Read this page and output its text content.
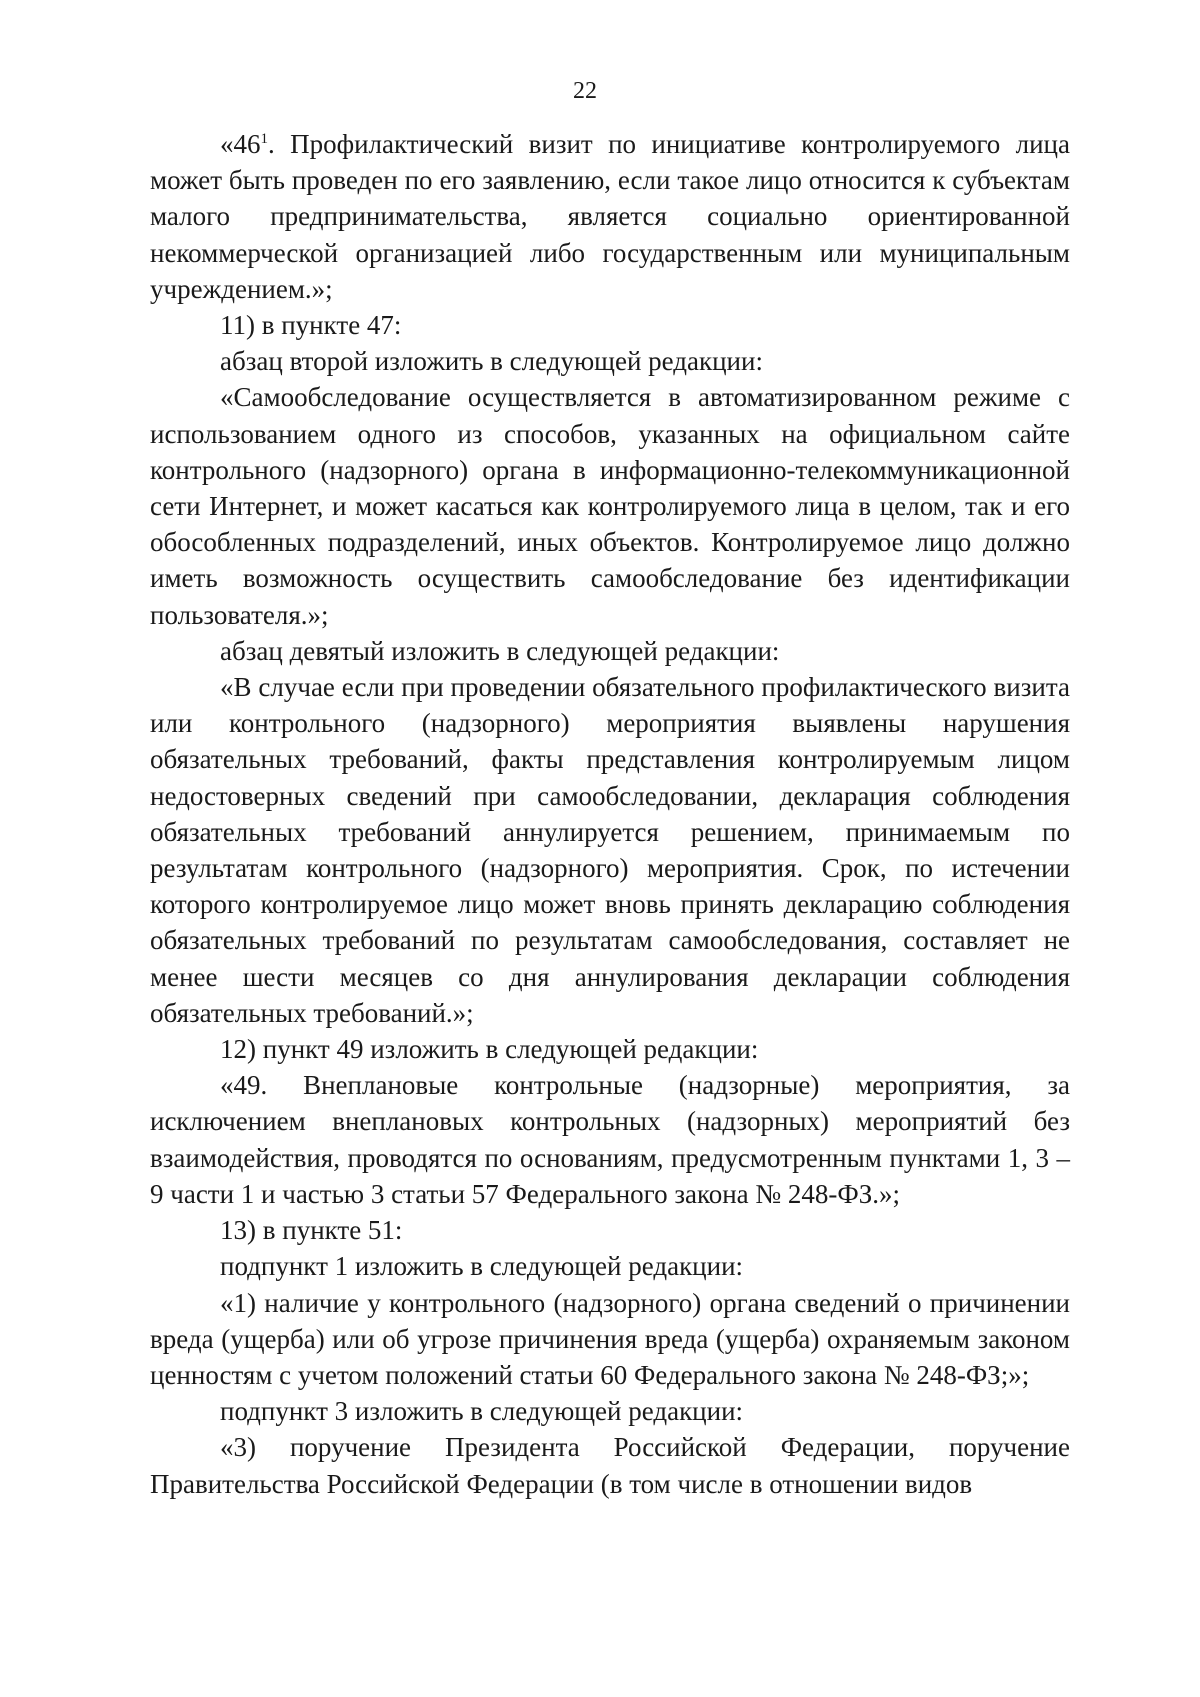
22

«$46^1$. Профилактический визит по инициативе контролируемого лица может быть проведен по его заявлению, если такое лицо относится к субъектам малого предпринимательства, является социально ориентированной некоммерческой организацией либо государственным или муниципальным учреждением.»;

11) в пункте 47:

абзац второй изложить в следующей редакции:

«Самообследование осуществляется в автоматизированном режиме с использованием одного из способов, указанных на официальном сайте контрольного (надзорного) органа в информационно-телекоммуникационной сети Интернет, и может касаться как контролируемого лица в целом, так и его обособленных подразделений, иных объектов. Контролируемое лицо должно иметь возможность осуществить самообследование без идентификации пользователя.»;

абзац девятый изложить в следующей редакции:

«В случае если при проведении обязательного профилактического визита или контрольного (надзорного) мероприятия выявлены нарушения обязательных требований, факты представления контролируемым лицом недостоверных сведений при самообследовании, декларация соблюдения обязательных требований аннулируется решением, принимаемым по результатам контрольного (надзорного) мероприятия. Срок, по истечении которого контролируемое лицо может вновь принять декларацию соблюдения обязательных требований по результатам самообследования, составляет не менее шести месяцев со дня аннулирования декларации соблюдения обязательных требований.»;

12) пункт 49 изложить в следующей редакции:

«49. Внеплановые контрольные (надзорные) мероприятия, за исключением внеплановых контрольных (надзорных) мероприятий без взаимодействия, проводятся по основаниям, предусмотренным пунктами 1, 3 – 9 части 1 и частью 3 статьи 57 Федерального закона № 248-ФЗ.»;

13) в пункте 51:

подпункт 1 изложить в следующей редакции:

«1) наличие у контрольного (надзорного) органа сведений о причинении вреда (ущерба) или об угрозе причинения вреда (ущерба) охраняемым законом ценностям с учетом положений статьи 60 Федерального закона № 248-ФЗ;»;

подпункт 3 изложить в следующей редакции:

«3) поручение Президента Российской Федерации, поручение Правительства Российской Федерации (в том числе в отношении видов
